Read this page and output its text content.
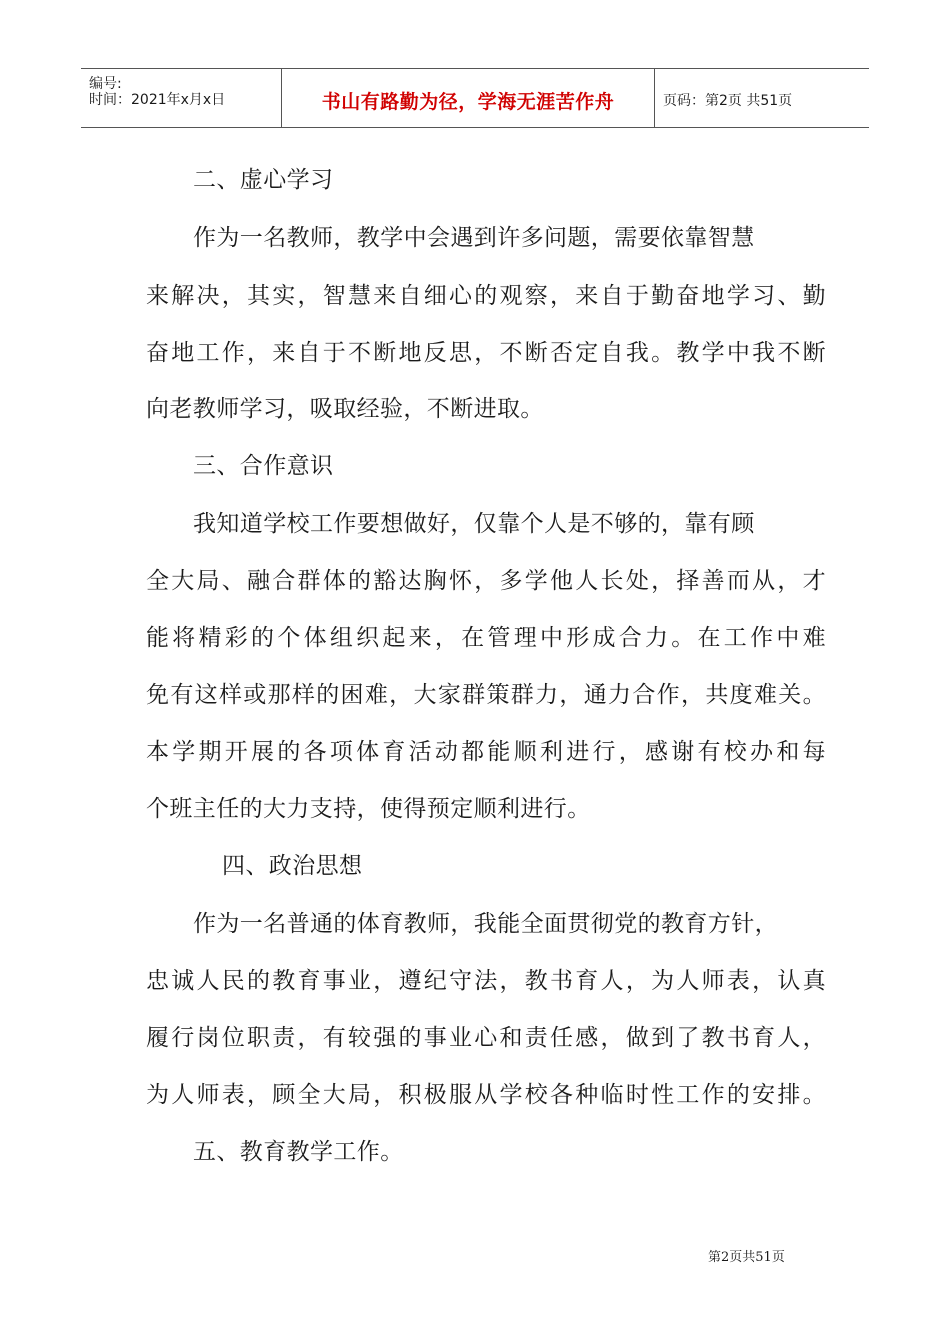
编号:
时间：2021年x月x日	书山有路勤为径，学海无涯苦作舟	页码：第2页 共51页
二、虚心学习
作为一名教师，教学中会遇到许多问题，需要依靠智慧
来解决，其实，智慧来自细心的观察，来自于勤奋地学习、勤
奋地工作，来自于不断地反思，不断否定自我。教学中我不断
向老教师学习，吸取经验，不断进取。
三、合作意识
我知道学校工作要想做好，仅靠个人是不够的，靠有顾
全大局、融合群体的豁达胸怀，多学他人长处，择善而从，才
能将精彩的个体组织起来，在管理中形成合力。在工作中难
免有这样或那样的困难，大家群策群力，通力合作，共度难关。
本学期开展的各项体育活动都能顺利进行，感谢有校办和每
个班主任的大力支持，使得预定顺利进行。
四、政治思想
作为一名普通的体育教师，我能全面贯彻党的教育方针，
忠诚人民的教育事业，遵纪守法，教书育人，为人师表，认真
履行岗位职责，有较强的事业心和责任感，做到了教书育人，
为人师表，顾全大局，积极服从学校各种临时性工作的安排。
五、教育教学工作。
第2页共51页
